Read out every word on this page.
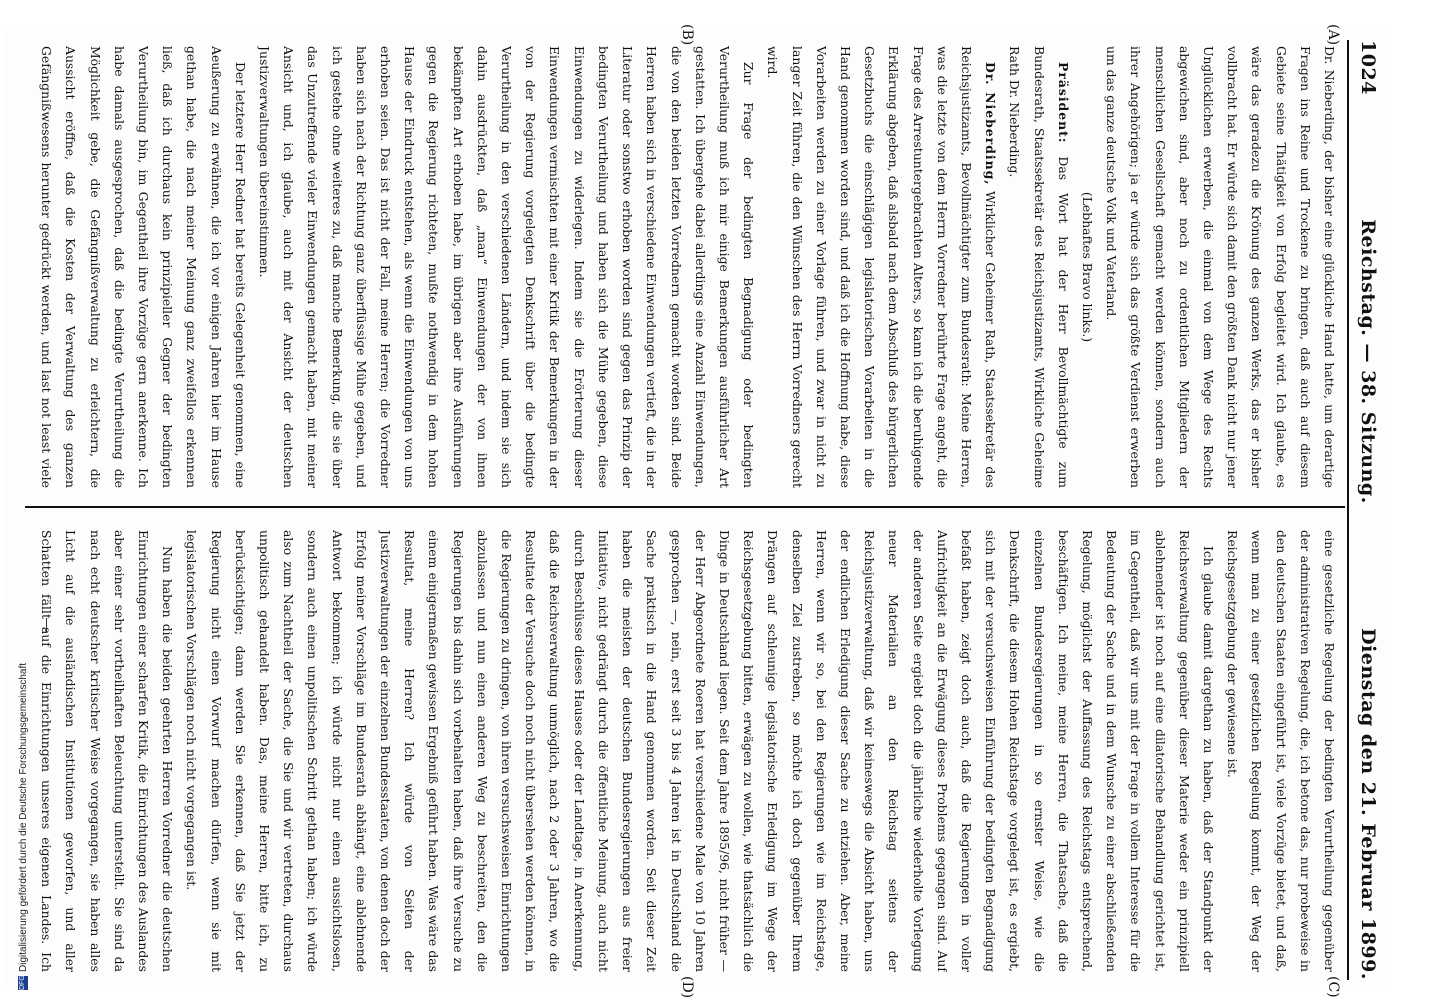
1024
Reichstag. — 38. Sitzung.
Dienstag den 21. Februar 1899.
(A)
(B)
(C)
(D)

Dr. Nieberding, der bisher eine glückliche Hand hatte, um derartige Fragen ins Reine und Trockene zu bringen, daß auch auf diesem Gebiete seine Thätigkeit von Erfolg begleitet wird. Ich glaube, es wäre das geradezu die Krönung des ganzen Werks, das er bisher vollbracht hat. Er würde sich damit den größten Dank nicht nur jener Unglücklichen erwerben, die einmal von dem Wege des Rechts abgewichen sind, aber noch zu ordentlichen Mitgliedern der menschlichen Gesellschaft gemacht werden können, sondern auch ihrer Angehörigen; ja er würde sich das größte Verdienst erwerben um das ganze deutsche Volk und Vaterland.

(Lebhaftes Bravo links.)

Präsident: Das Wort hat der Herr Bevollmächtigte zum Bundesrath, Staatssekretär des Reichsjustizamts, Wirkliche Geheime Rath Dr. Nieberding.

Dr. Nieberding, Wirklicher Geheimer Rath, Staatssekretär des Reichsjustizamts, Bevollmächtigter zum Bundesrath: Meine Herren, was die letzte von dem Herrn Vorredner berührte Frage angeht, die Frage des Arrestuntergebrachten Alters, so kann ich die beruhigende Erklärung abgeben, daß alsbald nach dem Abschluß des bürgerlichen Gesetzbuchs die einschlägigen legislatorischen Vorarbeiten in die Hand genommen worden sind, und daß ich die Hoffnung habe, diese Vorarbeiten werden zu einer Vorlage führen, und zwar in nicht zu langer Zeit führen, die den Wünschen des Herrn Vorredners gerecht wird.

Zur Frage der bedingten Begnadigung oder bedingten Verurtheilung muß ich mir einige Bemerkungen ausführlicher Art gestatten. Ich übergehe dabei allerdings eine Anzahl Einwendungen, die von den beiden letzten Vorrednern gemacht worden sind. Beide Herren haben sich in verschiedene Einwendungen vertieft, die in der Literatur oder sonstwo erhoben worden sind gegen das Prinzip der bedingten Verurtheilung und haben sich die Mühe gegeben, diese Einwendungen zu widerlegen. Indem sie die Erörterung dieser Einwendungen vermischten mit einer Kritik der Bemerkungen in der von der Regierung vorgelegten Denkschrift über die bedingte Verurtheilung in den verschiedenen Ländern, und indem sie sich dahin ausdrückten, daß „man“ Einwendungen der von ihnen bekämpften Art erhoben habe, im übrigen aber ihre Ausführungen gegen die Regierung richteten, mußte nothwendig in dem hohen Hause der Eindruck entstehen, als wenn die Einwendungen von uns erhoben seien. Das ist nicht der Fall, meine Herren; die Vorredner haben sich nach der Richtung ganz überflüssige Mühe gegeben, und ich gestehe ohne weiteres zu, daß manche Bemerkung, die sie über das Unzutreffende vieler Einwendungen gemacht haben, mit meiner Ansicht und, ich glaube, auch mit der Ansicht der deutschen Justizverwaltungen übereinstimmen.

Der letztere Herr Redner hat bereits Gelegenheit genommen, eine Aeußerung zu erwähnen, die ich vor einigen Jahren hier im Hause gethan habe, die nach meiner Meinung ganz zweifellos erkennen ließ, daß ich durchaus kein prinzipieller Gegner der bedingten Verurtheilung bin, im Gegentheil ihre Vorzüge gern anerkenne. Ich habe damals ausgesprochen, daß die bedingte Verurtheilung die Möglichkeit gebe, die Gefängnißverwaltung zu erleichtern, die Aussicht eröffne, daß die Kosten der Verwaltung des ganzen Gefängnißwesens herunter gedrückt werden, und last not least viele

eine gesetzliche Regelung der bedingten Verurtheilung gegenüber der administrativen Regelung, die, ich betone das, nur probeweise in den deutschen Staaten eingeführt ist, viele Vorzüge bietet, und daß, wenn man zu einer gesetzlichen Regelung kommt, der Weg der Reichsgesetzgebung der gewiesene ist.

Ich glaube damit dargethan zu haben, daß der Standpunkt der Reichsverwaltung gegenüber dieser Materie weder ein prinzipiell ablehnender ist noch auf eine dilatorische Behandlung gerichtet ist, im Gegentheil, daß wir uns mit der Frage in vollem Interesse für die Bedeutung der Sache und in dem Wunsche zu einer abschließenden Regelung, möglichst der Auffassung des Reichstags entsprechend, beschäftigen. Ich meine, meine Herren, die Thatsache, daß die einzelnen Bundesregierungen in so ernster Weise, wie die Denkschrift, die diesem Hohen Reichstage vorgelegt ist, es ergiebt, sich mit der versuchsweisen Einführung der bedingten Begnadigung befaßt haben, zeigt doch auch, daß die Regierungen in voller Aufrichtigkeit an die Erwägung dieses Problems gegangen sind. Auf der anderen Seite ergiebt doch die jährliche wiederholte Vorlegung neuer Materialien an den Reichstag seitens der Reichsjustizverwaltung, daß wir keineswegs die Absicht haben, uns der endlichen Erledigung dieser Sache zu entziehen. Aber, meine Herren, wenn wir so, bei den Regierungen wie im Reichstage, denselben Ziel zustreben, so möchte ich doch gegenüber Ihrem Drängen auf schleunige legislatorische Erledigung im Wege der Reichsgesetzgebung bitten, erwägen zu wollen, wie thatsächlich die Dinge in Deutschland liegen. Seit dem Jahre 1895/96, nicht früher — der Herr Abgeordnete Roeren hat verschiedene Male von 10 Jahren gesprochen —, nein, erst seit 3 bis 4 Jahren ist in Deutschland die Sache praktisch in die Hand genommen worden. Seit dieser Zeit haben die meisten der deutschen Bundesregierungen aus freier Initiative, nicht gedrängt durch die öffentliche Meinung, auch nicht durch Beschlüsse dieses Hauses oder der Landtage, in Anerkennung, daß die Reichsverwaltung unmöglich, nach 2 oder 3 Jahren, wo die Resultate der Versuche doch noch nicht übersehen werden können, in die Regierungen zu dringen, von ihren versuchsweisen Einrichtungen abzulassen und nun einen anderen Weg zu beschreiten, den die Regierungen bis dahin sich vorbehalten haben, daß ihre Versuche zu einem einigermaßen gewissen Ergebniß geführt haben. Was wäre das Resultat, meine Herren? Ich würde von Seiten der Justizverwaltungen der einzelnen Bundesstaaten, von denen doch der Erfolg meiner Vorschläge im Bundesrath abhängt, eine ablehnende Antwort bekommen; ich würde nicht nur einen aussichtslosen, sondern auch einen unpolitischen Schritt gethan haben; ich würde also zum Nachtheil der Sache, die Sie und wir vertreten, durchaus unpolitisch gehandelt haben. Das, meine Herren, bitte ich, zu berücksichtigen; dann werden Sie erkennen, daß Sie jetzt der Regierung nicht einen Vorwurf machen dürfen, wenn sie mit legislatorischen Vorschlägen noch nicht vorgegangen ist.

Nun haben die beiden geehrten Herren Vorredner die deutschen Einrichtungen einer scharfen Kritik, die Einrichtungen des Auslandes aber einer sehr vortheilhaften Beleuchtung unterstellt. Sie sind da nach echt deutscher kritischer Weise vorgegangen, sie haben alles Licht auf die ausländischen Institutionen geworfen, und aller Schatten fällt auf die Einrichtungen unseres eigenen Landes. Ich

DFGDigitalisierung gefördert durch die Deutsche Forschungsgemeinschaft
